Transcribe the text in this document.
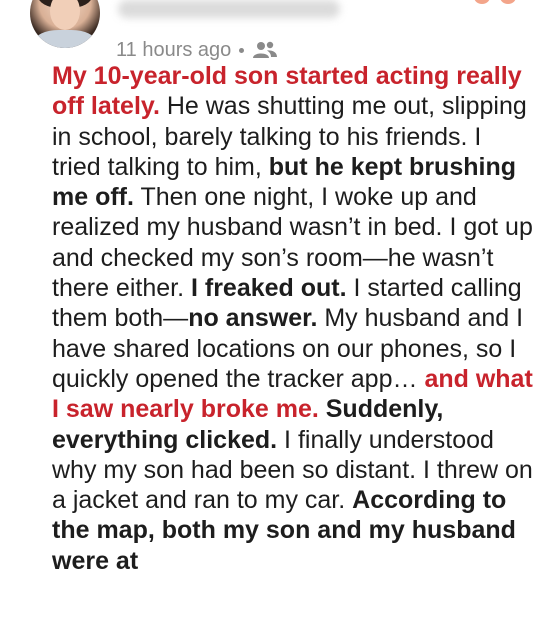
11 hours ago

My 10-year-old son started acting really off lately. He was shutting me out, slipping in school, barely talking to his friends. I tried talking to him, but he kept brushing me off. Then one night, I woke up and realized my husband wasn’t in bed. I got up and checked my son’s room—he wasn’t there either. I freaked out. I started calling them both—no answer. My husband and I have shared locations on our phones, so I quickly opened the tracker app… and what I saw nearly broke me. Suddenly, everything clicked. I finally understood why my son had been so distant. I threw on a jacket and ran to my car. According to the map, both my son and my husband were at
